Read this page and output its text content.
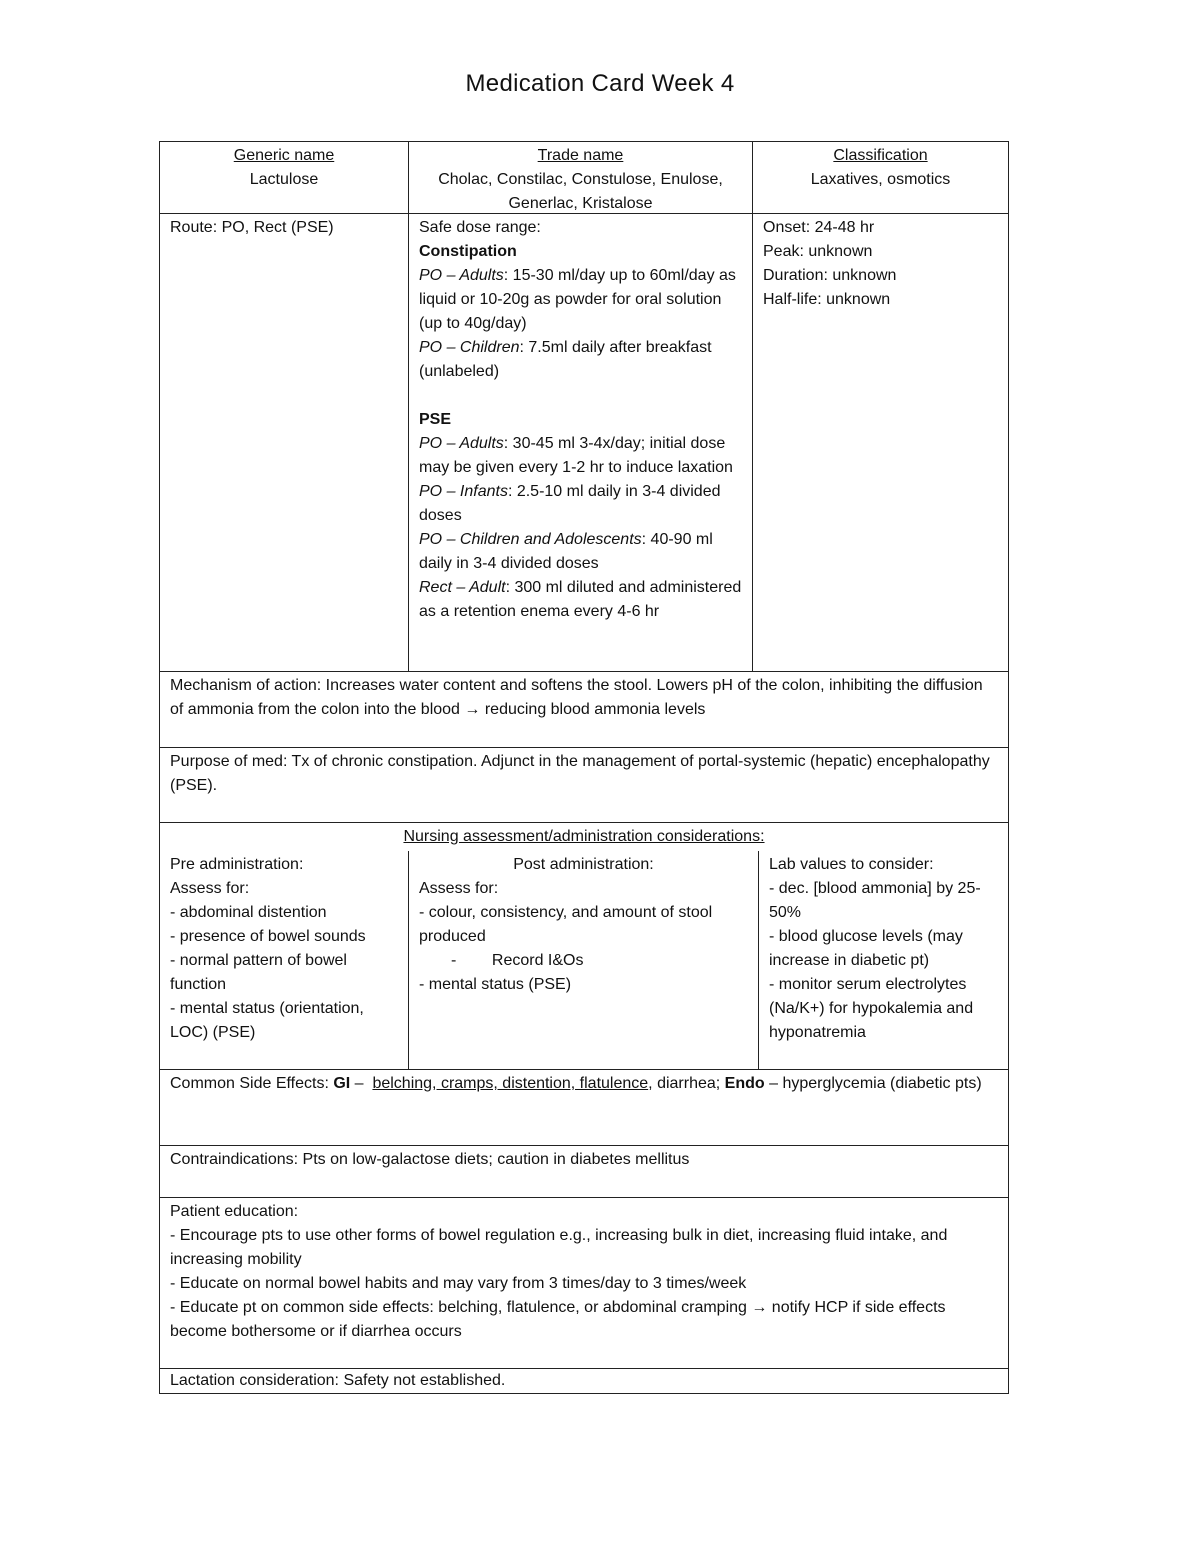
Medication Card Week 4
Generic name
Lactulose
Trade name
Cholac, Constilac, Constulose, Enulose, Generlac, Kristalose
Classification
Laxatives, osmotics
Route: PO, Rect (PSE)	Safe dose range:
Constipation
PO – Adults: 15-30 ml/day up to 60ml/day as liquid or 10-20g as powder for oral solution (up to 40g/day)
PO – Children: 7.5ml daily after breakfast (unlabeled)
PSE
PO – Adults: 30-45 ml 3-4x/day; initial dose may be given every 1-2 hr to induce laxation
PO – Infants: 2.5-10 ml daily in 3-4 divided doses
PO – Children and Adolescents: 40-90 ml daily in 3-4 divided doses
Rect – Adult: 300 ml diluted and administered as a retention enema every 4-6 hr
Onset: 24-48 hr
Peak: unknown
Duration: unknown
Half-life: unknown
Mechanism of action: Increases water content and softens the stool. Lowers pH of the colon, inhibiting the diffusion of ammonia from the colon into the blood → reducing blood ammonia levels
Purpose of med: Tx of chronic constipation. Adjunct in the management of portal-systemic (hepatic) encephalopathy (PSE).
Nursing assessment/administration considerations:
Pre administration:
Assess for:
- abdominal distention
- presence of bowel sounds
- normal pattern of bowel function
- mental status (orientation, LOC) (PSE)
Post administration:
Assess for:
- colour, consistency, and amount of stool produced
-        Record I&Os
- mental status (PSE)
Lab values to consider:
- dec. [blood ammonia] by 25-50%
- blood glucose levels (may increase in diabetic pt)
- monitor serum electrolytes (Na/K+) for hypokalemia and hyponatremia
Common Side Effects: GI –  belching, cramps, distention, flatulence, diarrhea; Endo – hyperglycemia (diabetic pts)
Contraindications: Pts on low-galactose diets; caution in diabetes mellitus
Patient education:
- Encourage pts to use other forms of bowel regulation e.g., increasing bulk in diet, increasing fluid intake, and increasing mobility
- Educate on normal bowel habits and may vary from 3 times/day to 3 times/week
- Educate pt on common side effects: belching, flatulence, or abdominal cramping → notify HCP if side effects become bothersome or if diarrhea occurs
Lactation consideration: Safety not established.
